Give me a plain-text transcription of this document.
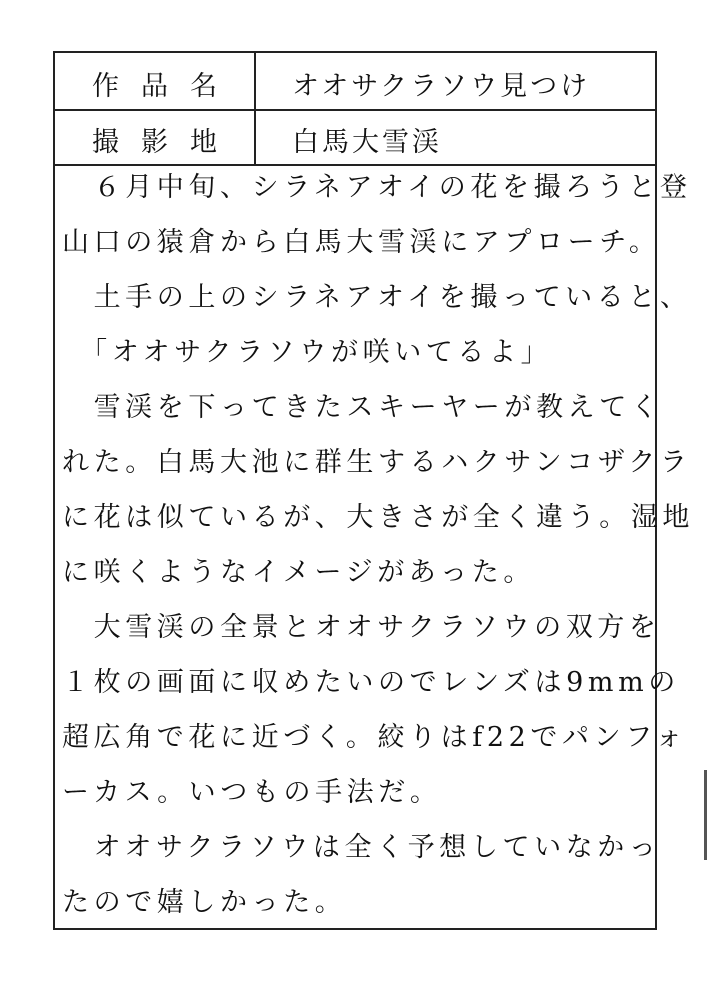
作品名	オオサクラソウ見つけ
撮影地	白馬大雪渓
　６月中旬、シラネアオイの花を撮ろうと登
山口の猿倉から白馬大雪渓にアプローチ。
　土手の上のシラネアオイを撮っていると、
　「オオサクラソウが咲いてるよ」
　雪渓を下ってきたスキーヤーが教えてく
れた。白馬大池に群生するハクサンコザクラ
に花は似ているが、大きさが全く違う。湿地
に咲くようなイメージがあった。
　大雪渓の全景とオオサクラソウの双方を
１枚の画面に収めたいのでレンズは9mmの
超広角で花に近づく。絞りはf22でパンフォ
ーカス。いつもの手法だ。
　オオサクラソウは全く予想していなかっ
たので嬉しかった。
